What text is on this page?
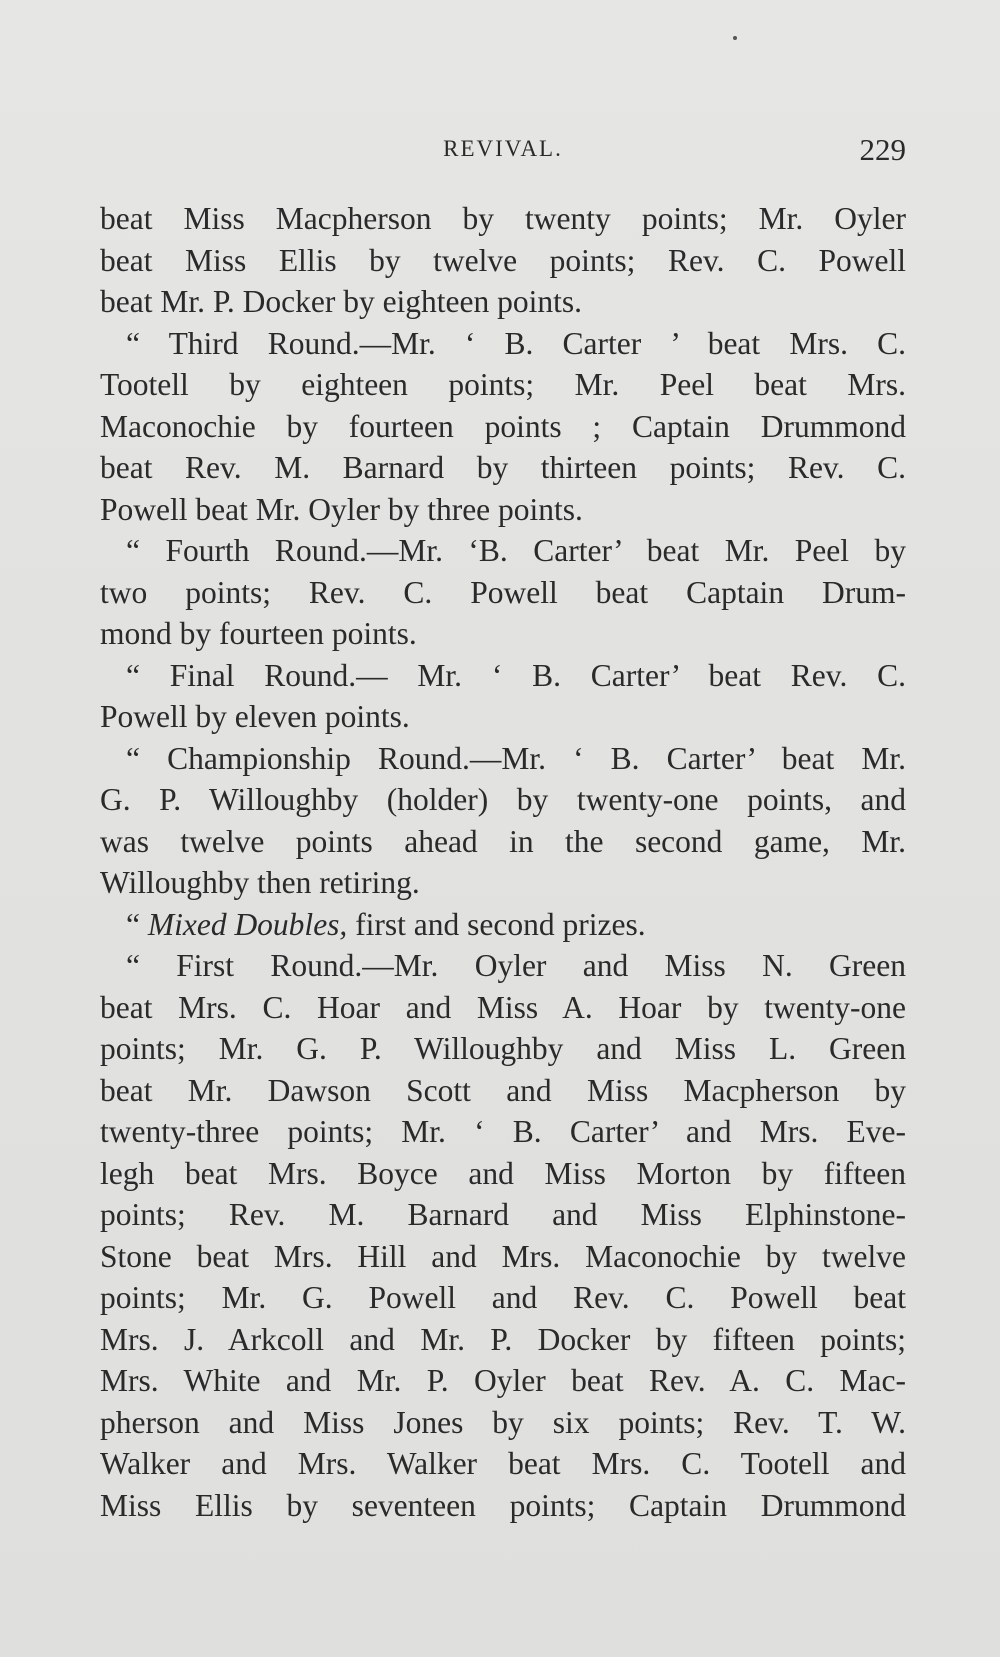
REVIVAL.	229
beat Miss Macpherson by twenty points; Mr. Oyler
beat Miss Ellis by twelve points; Rev. C. Powell
beat Mr. P. Docker by eighteen points.
“ Third Round.—Mr. ‘ B. Carter ’ beat Mrs. C.
Tootell by eighteen points; Mr. Peel beat Mrs.
Maconochie by fourteen points ; Captain Drummond
beat Rev. M. Barnard by thirteen points; Rev. C.
Powell beat Mr. Oyler by three points.
“ Fourth Round.—Mr. ‘B. Carter’ beat Mr. Peel by
two points; Rev. C. Powell beat Captain Drum-
mond by fourteen points.
“ Final Round.— Mr. ‘ B. Carter’ beat Rev. C.
Powell by eleven points.
“ Championship Round.—Mr. ‘ B. Carter’ beat Mr.
G. P. Willoughby (holder) by twenty-one points, and
was twelve points ahead in the second game, Mr.
Willoughby then retiring.
“ Mixed Doubles, first and second prizes.
“ First Round.—Mr. Oyler and Miss N. Green
beat Mrs. C. Hoar and Miss A. Hoar by twenty-one
points; Mr. G. P. Willoughby and Miss L. Green
beat Mr. Dawson Scott and Miss Macpherson by
twenty-three points; Mr. ‘ B. Carter’ and Mrs. Eve-
legh beat Mrs. Boyce and Miss Morton by fifteen
points; Rev. M. Barnard and Miss Elphinstone-
Stone beat Mrs. Hill and Mrs. Maconochie by twelve
points; Mr. G. Powell and Rev. C. Powell beat
Mrs. J. Arkcoll and Mr. P. Docker by fifteen points;
Mrs. White and Mr. P. Oyler beat Rev. A. C. Mac-
pherson and Miss Jones by six points; Rev. T. W.
Walker and Mrs. Walker beat Mrs. C. Tootell and
Miss Ellis by seventeen points; Captain Drummond
